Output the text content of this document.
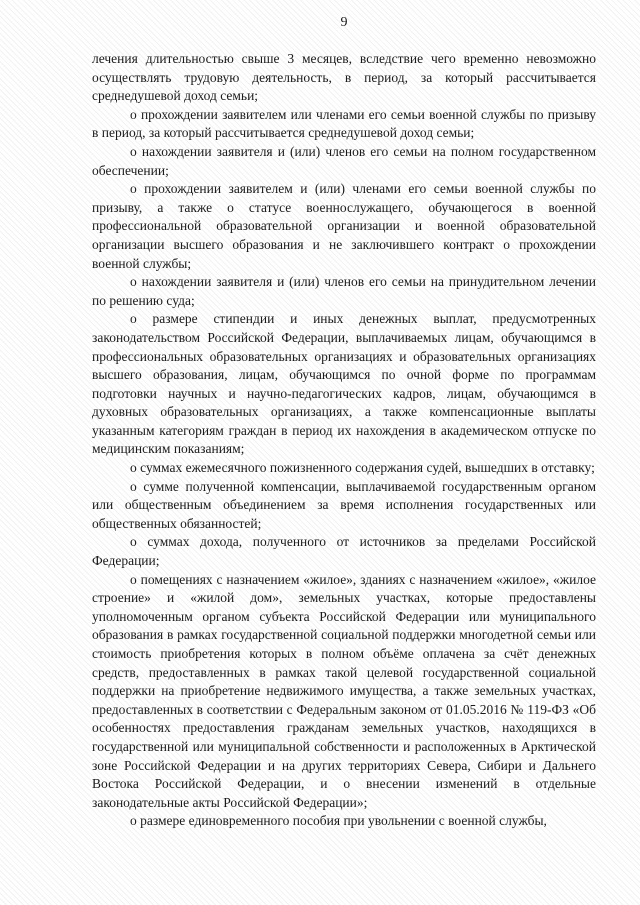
9

лечения длительностью свыше 3 месяцев, вследствие чего временно невозможно осуществлять трудовую деятельность, в период, за который рассчитывается среднедушевой доход семьи;

о прохождении заявителем или членами его семьи военной службы по призыву в период, за который рассчитывается среднедушевой доход семьи;

о нахождении заявителя и (или) членов его семьи на полном государственном обеспечении;

о прохождении заявителем и (или) членами его семьи военной службы по призыву, а также о статусе военнослужащего, обучающегося в военной профессиональной образовательной организации и военной образовательной организации высшего образования и не заключившего контракт о прохождении военной службы;

о нахождении заявителя и (или) членов его семьи на принудительном лечении по решению суда;

о размере стипендии и иных денежных выплат, предусмотренных законодательством Российской Федерации, выплачиваемых лицам, обучающимся в профессиональных образовательных организациях и образовательных организациях высшего образования, лицам, обучающимся по очной форме по программам подготовки научных и научно-педагогических кадров, лицам, обучающимся в духовных образовательных организациях, а также компенсационные выплаты указанным категориям граждан в период их нахождения в академическом отпуске по медицинским показаниям;

о суммах ежемесячного пожизненного содержания судей, вышедших в отставку;

о сумме полученной компенсации, выплачиваемой государственным органом или общественным объединением за время исполнения государственных или общественных обязанностей;

о суммах дохода, полученного от источников за пределами Российской Федерации;

о помещениях с назначением «жилое», зданиях с назначением «жилое», «жилое строение» и «жилой дом», земельных участках, которые предоставлены уполномоченным органом субъекта Российской Федерации или муниципального образования в рамках государственной социальной поддержки многодетной семьи или стоимость приобретения которых в полном объёме оплачена за счёт денежных средств, предоставленных в рамках такой целевой государственной социальной поддержки на приобретение недвижимого имущества, а также земельных участках, предоставленных в соответствии с Федеральным законом от 01.05.2016 № 119-ФЗ «Об особенностях предоставления гражданам земельных участков, находящихся в государственной или муниципальной собственности и расположенных в Арктической зоне Российской Федерации и на других территориях Севера, Сибири и Дальнего Востока Российской Федерации, и о внесении изменений в отдельные законодательные акты Российской Федерации»;

о размере единовременного пособия при увольнении с военной службы,
